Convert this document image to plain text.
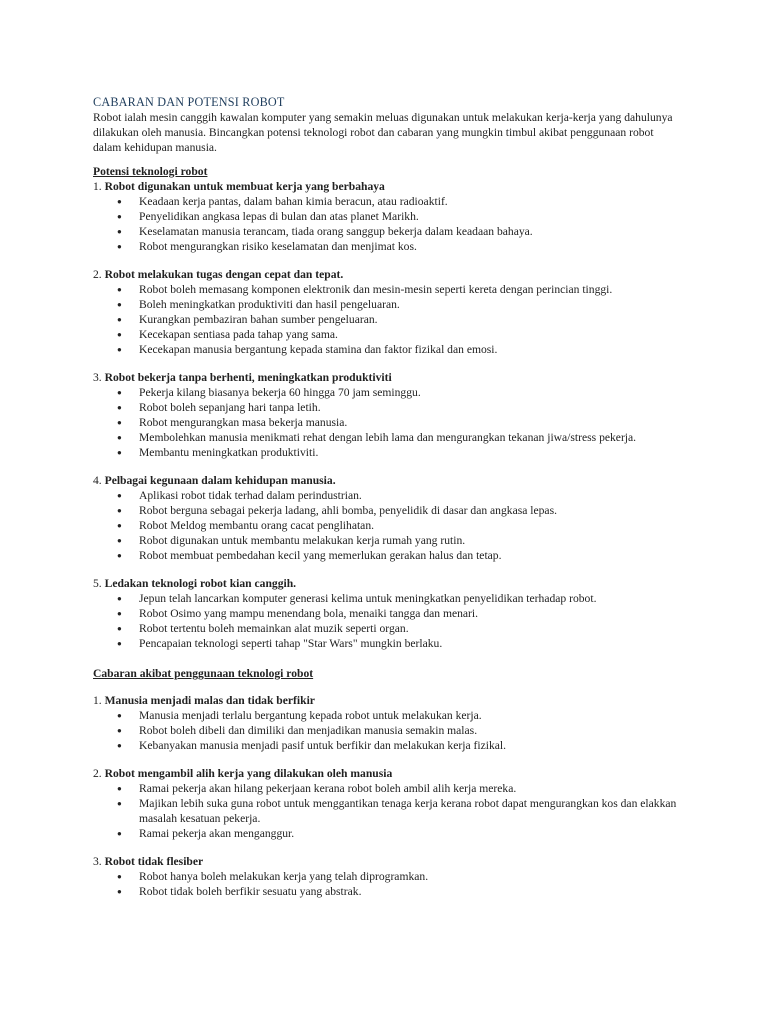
CABARAN DAN POTENSI ROBOT

Robot ialah mesin canggih kawalan komputer yang semakin meluas digunakan untuk melakukan kerja-kerja yang dahulunya dilakukan oleh manusia. Bincangkan potensi teknologi robot dan cabaran yang mungkin timbul akibat penggunaan robot dalam kehidupan manusia.

Potensi teknologi robot
1. Robot digunakan untuk membuat kerja yang berbahaya
● Keadaan kerja pantas, dalam bahan kimia beracun, atau radioaktif.
● Penyelidikan angkasa lepas di bulan dan atas planet Marikh.
● Keselamatan manusia terancam, tiada orang sanggup bekerja dalam keadaan bahaya.
● Robot mengurangkan risiko keselamatan dan menjimat kos.
2. Robot melakukan tugas dengan cepat dan tepat.
● Robot boleh memasang komponen elektronik dan mesin-mesin seperti kereta dengan perincian tinggi.
● Boleh meningkatkan produktiviti dan hasil pengeluaran.
● Kurangkan pembaziran bahan sumber pengeluaran.
● Kecekapan sentiasa pada tahap yang sama.
● Kecekapan manusia bergantung kepada stamina dan faktor fizikal dan emosi.
3. Robot bekerja tanpa berhenti, meningkatkan produktiviti
● Pekerja kilang biasanya bekerja 60 hingga 70 jam seminggu.
● Robot boleh sepanjang hari tanpa letih.
● Robot mengurangkan masa bekerja manusia.
● Membolehkan manusia menikmati rehat dengan lebih lama dan mengurangkan tekanan jiwa/stress pekerja.
● Membantu meningkatkan produktiviti.
4. Pelbagai kegunaan dalam kehidupan manusia.
● Aplikasi robot tidak terhad dalam perindustrian.
● Robot berguna sebagai pekerja ladang, ahli bomba, penyelidik di dasar dan angkasa lepas.
● Robot Meldog membantu orang cacat penglihatan.
● Robot digunakan untuk membantu melakukan kerja rumah yang rutin.
● Robot membuat pembedahan kecil yang memerlukan gerakan halus dan tetap.
5. Ledakan teknologi robot kian canggih.
● Jepun telah lancarkan komputer generasi kelima untuk meningkatkan penyelidikan terhadap robot.
● Robot Osimo yang mampu menendang bola, menaiki tangga dan menari.
● Robot tertentu boleh memainkan alat muzik seperti organ.
● Pencapaian teknologi seperti tahap "Star Wars" mungkin berlaku.
Cabaran akibat penggunaan teknologi robot
1. Manusia menjadi malas dan tidak berfikir
● Manusia menjadi terlalu bergantung kepada robot untuk melakukan kerja.
● Robot boleh dibeli dan dimiliki dan menjadikan manusia semakin malas.
● Kebanyakan manusia menjadi pasif untuk berfikir dan melakukan kerja fizikal.
2. Robot mengambil alih kerja yang dilakukan oleh manusia
● Ramai pekerja akan hilang pekerjaan kerana robot boleh ambil alih kerja mereka.
● Majikan lebih suka guna robot untuk menggantikan tenaga kerja kerana robot dapat mengurangkan kos dan elakkan masalah kesatuan pekerja.
● Ramai pekerja akan menganggur.
3. Robot tidak flesiber
● Robot hanya boleh melakukan kerja yang telah diprogramkan.
● Robot tidak boleh berfikir sesuatu yang abstrak.
